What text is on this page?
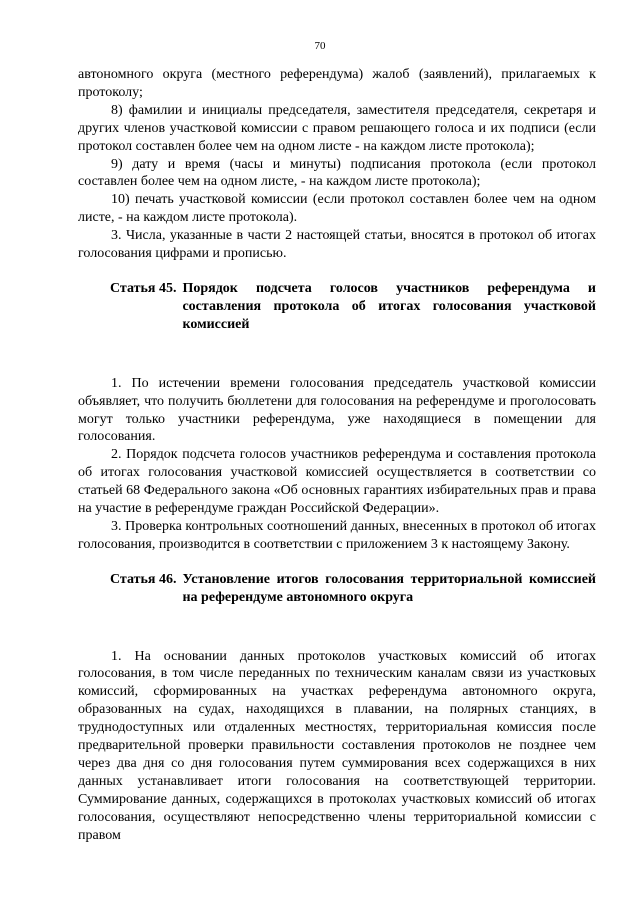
70

автономного округа (местного референдума) жалоб (заявлений), прилагаемых к протоколу;

8) фамилии и инициалы председателя, заместителя председателя, секретаря и других членов участковой комиссии с правом решающего голоса и их подписи (если протокол составлен более чем на одном листе - на каждом листе протокола);

9) дату и время (часы и минуты) подписания протокола (если протокол составлен более чем на одном листе, - на каждом листе протокола);

10) печать участковой комиссии (если протокол составлен более чем на одном листе, - на каждом листе протокола).

3. Числа, указанные в части 2 настоящей статьи, вносятся в протокол об итогах голосования цифрами и прописью.

Статья 45. Порядок подсчета голосов участников референдума и составления протокола об итогах голосования участковой комиссией

1. По истечении времени голосования председатель участковой комиссии объявляет, что получить бюллетени для голосования на референдуме и проголосовать могут только участники референдума, уже находящиеся в помещении для голосования.

2. Порядок подсчета голосов участников референдума и составления протокола об итогах голосования участковой комиссией осуществляется в соответствии со статьей 68 Федерального закона «Об основных гарантиях избирательных прав и права на участие в референдуме граждан Российской Федерации».

3. Проверка контрольных соотношений данных, внесенных в протокол об итогах голосования, производится в соответствии с приложением 3 к настоящему Закону.

Статья 46. Установление итогов голосования территориальной комиссией на референдуме автономного округа

1. На основании данных протоколов участковых комиссий об итогах голосования, в том числе переданных по техническим каналам связи из участковых комиссий, сформированных на участках референдума автономного округа, образованных на судах, находящихся в плавании, на полярных станциях, в труднодоступных или отдаленных местностях, территориальная комиссия после предварительной проверки правильности составления протоколов не позднее чем через два дня со дня голосования путем суммирования всех содержащихся в них данных устанавливает итоги голосования на соответствующей территории. Суммирование данных, содержащихся в протоколах участковых комиссий об итогах голосования, осуществляют непосредственно члены территориальной комиссии с правом
